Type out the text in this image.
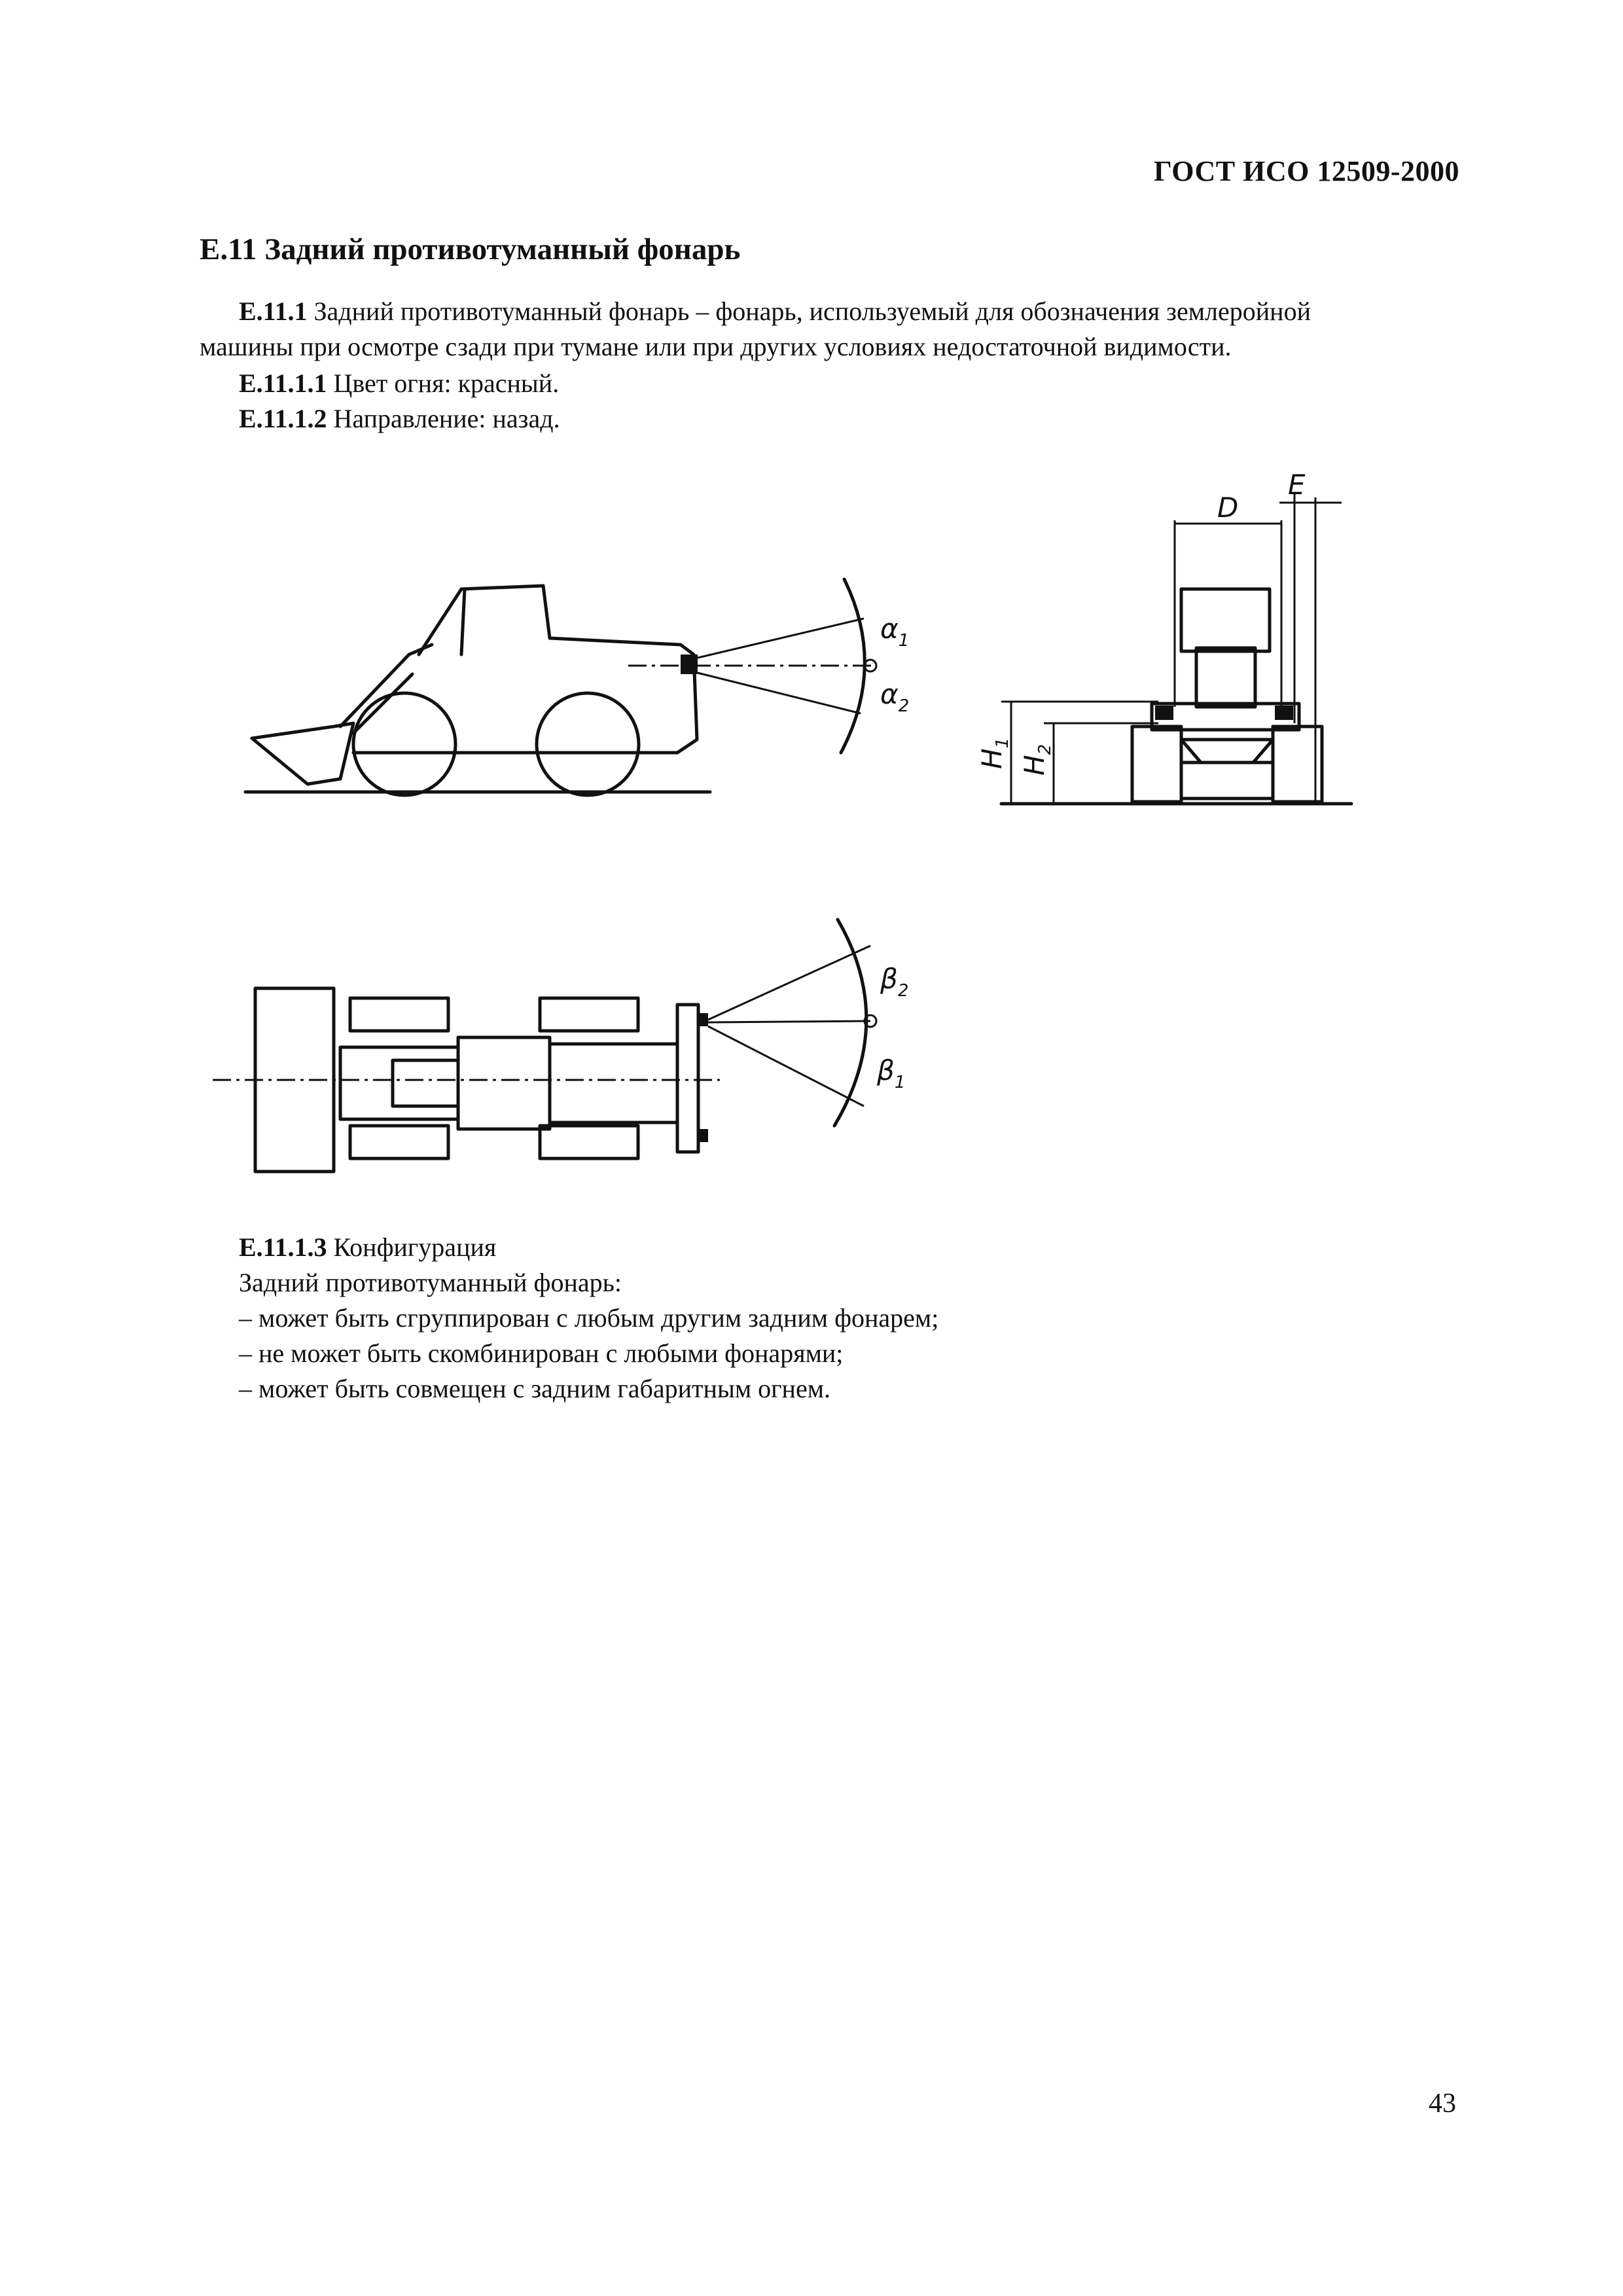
ГОСТ ИСО 12509-2000
E.11 Задний противотуманный фонарь
E.11.1 Задний противотуманный фонарь – фонарь, используемый для обозначения землеройной
машины при осмотре сзади при тумане или при других условиях недостаточной видимости.
E.11.1.1 Цвет огня: красный.
E.11.1.2 Направление: назад.
$\alpha_1$
$\alpha_2$
D
E
$H_1$
$H_2$
$\beta_2$
$\beta_1$
E.11.1.3 Конфигурация
Задний противотуманный фонарь:
– может быть сгруппирован с любым другим задним фонарем;
– не может быть скомбинирован с любыми фонарями;
– может быть совмещен с задним габаритным огнем.
43
